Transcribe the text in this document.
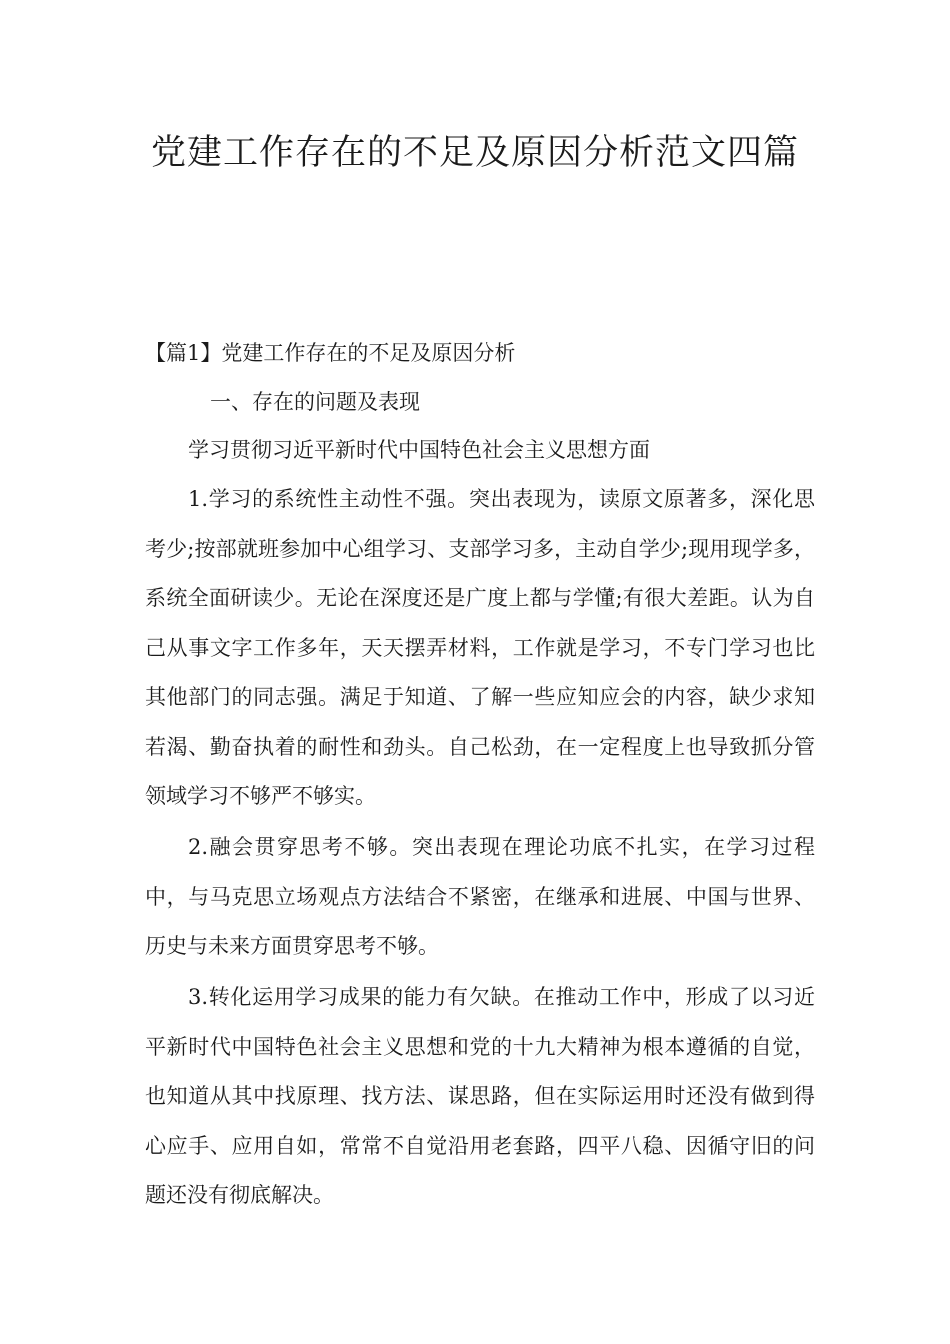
党建工作存在的不足及原因分析范文四篇

【篇1】党建工作存在的不足及原因分析

一、存在的问题及表现

学习贯彻习近平新时代中国特色社会主义思想方面

1.学习的系统性主动性不强。突出表现为，读原文原著多，深化思考少;按部就班参加中心组学习、支部学习多，主动自学少;现用现学多，系统全面研读少。无论在深度还是广度上都与学懂;有很大差距。认为自己从事文字工作多年，天天摆弄材料，工作就是学习，不专门学习也比其他部门的同志强。满足于知道、了解一些应知应会的内容，缺少求知若渴、勤奋执着的耐性和劲头。自己松劲，在一定程度上也导致抓分管领域学习不够严不够实。

2.融会贯穿思考不够。突出表现在理论功底不扎实，在学习过程中，与马克思立场观点方法结合不紧密，在继承和进展、中国与世界、历史与未来方面贯穿思考不够。

3.转化运用学习成果的能力有欠缺。在推动工作中，形成了以习近平新时代中国特色社会主义思想和党的十九大精神为根本遵循的自觉，也知道从其中找原理、找方法、谋思路，但在实际运用时还没有做到得心应手、应用自如，常常不自觉沿用老套路，四平八稳、因循守旧的问题还没有彻底解决。
